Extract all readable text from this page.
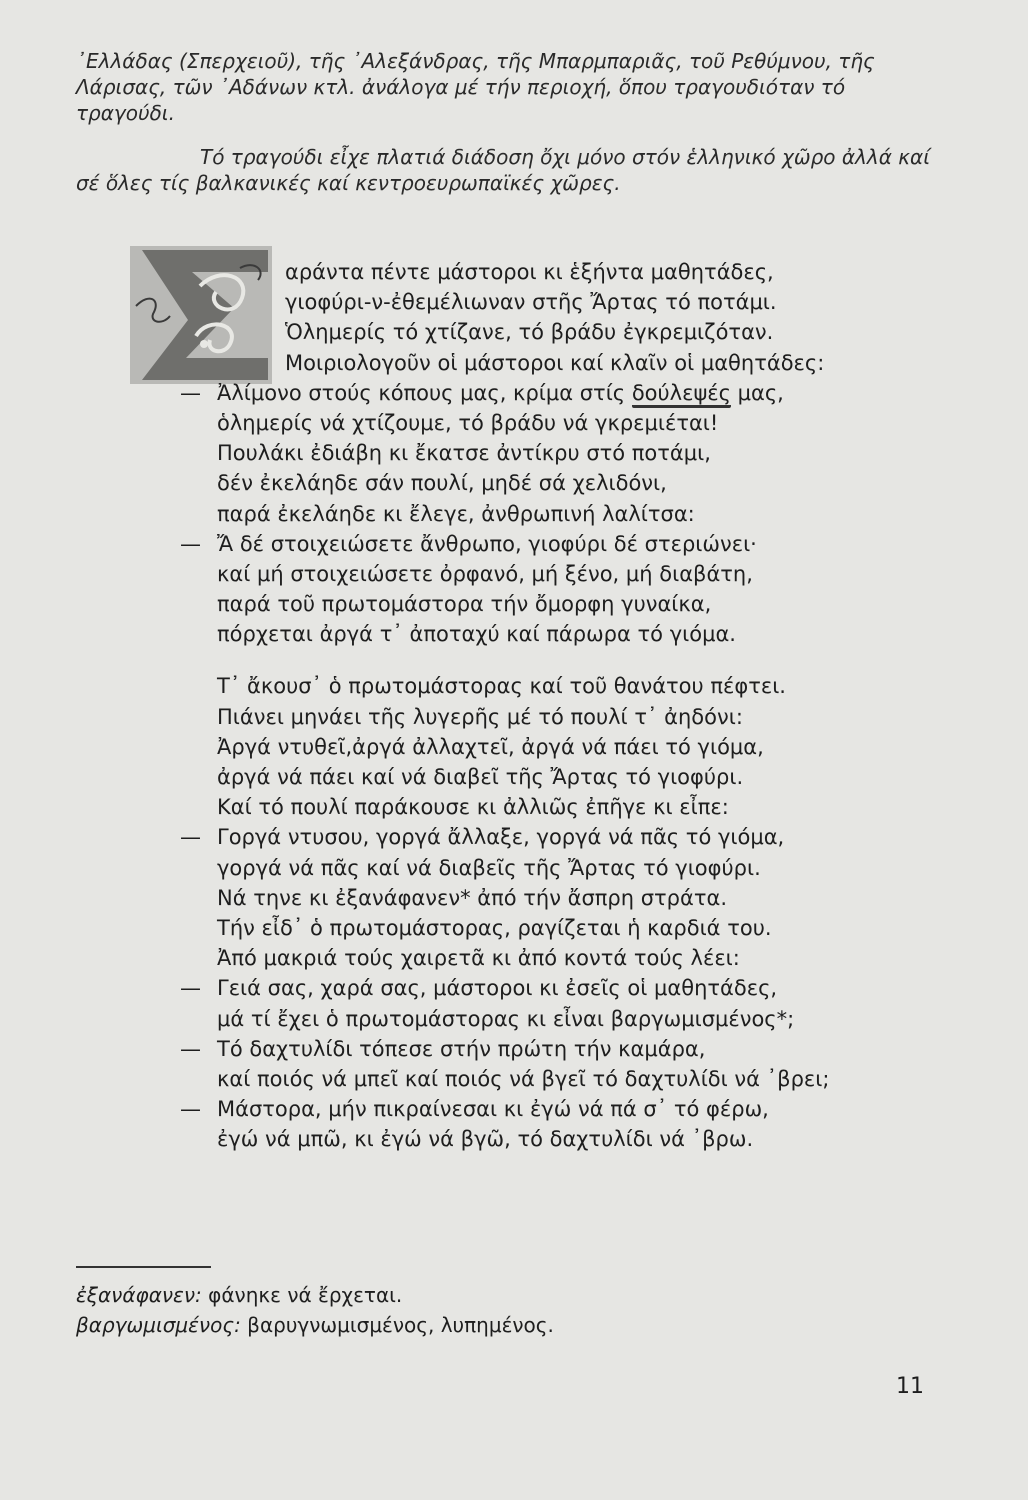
᾿Ελλάδας (Σπερχειοῦ), τῆς ᾿Αλεξάνδρας, τῆς Μπαρμπαριᾶς, τοῦ Ρεθύμνου, τῆς Λάρισας, τῶν ᾿Αδάνων κτλ. ἀνάλογα μέ τήν περιοχή, ὅπου τραγουδιόταν τό τραγούδι.

Τό τραγούδι εἶχε πλατιά διάδοση ὄχι μόνο στόν ἑλληνικό χῶρο ἀλλά καί σέ ὅλες τίς βαλκανικές καί κεντροευρωπαϊκές χῶρες.

αράντα πέντε μάστοροι κι ἑξήντα μαθητάδες,
γιοφύρι-ν-ἐθεμέλιωναν στῆς Ἄρτας τό ποτάμι.
Ὁλημερίς τό χτίζανε, τό βράδυ ἐγκρεμιζόταν.
Μοιριολογοῦν οἱ μάστοροι καί κλαῖν οἱ μαθητάδες:
— Ἀλίμονο στούς κόπους μας, κρίμα στίς δούλεψές μας,
ὁλημερίς νά χτίζουμε, τό βράδυ νά γκρεμιέται!
Πουλάκι ἐδιάβη κι ἔκατσε ἀντίκρυ στό ποτάμι,
δέν ἐκελάηδε σάν πουλί, μηδέ σά χελιδόνι,
παρά ἐκελάηδε κι ἔλεγε, ἀνθρωπινή λαλίτσα:
— Ἄ δέ στοιχειώσετε ἄνθρωπο, γιοφύρι δέ στεριώνει·
καί μή στοιχειώσετε ὀρφανό, μή ξένο, μή διαβάτη,
παρά τοῦ πρωτομάστορα τήν ὄμορφη γυναίκα,
πόρχεται ἀργά τ᾿ ἀποταχύ καί πάρωρα τό γιόμα.
Τ᾿ ἄκουσ᾿ ὁ πρωτομάστορας καί τοῦ θανάτου πέφτει.
Πιάνει μηνάει τῆς λυγερῆς μέ τό πουλί τ᾿ ἀηδόνι:
Ἀργά ντυθεῖ,ἀργά ἀλλαχτεῖ, ἀργά νά πάει τό γιόμα,
ἀργά νά πάει καί νά διαβεῖ τῆς Ἄρτας τό γιοφύρι.
Καί τό πουλί παράκουσε κι ἀλλιῶς ἐπῆγε κι εἶπε:
— Γοργά ντυσου, γοργά ἄλλαξε, γοργά νά πᾶς τό γιόμα,
γοργά νά πᾶς καί νά διαβεῖς τῆς Ἄρτας τό γιοφύρι.
Νά τηνε κι ἐξανάφανεν* ἀπό τήν ἄσπρη στράτα.
Τήν εἶδ᾿ ὁ πρωτομάστορας, ραγίζεται ἡ καρδιά του.
Ἀπό μακριά τούς χαιρετᾶ κι ἀπό κοντά τούς λέει:
— Γειά σας, χαρά σας, μάστοροι κι ἐσεῖς οἱ μαθητάδες,
μά τί ἔχει ὁ πρωτομάστορας κι εἶναι βαργωμισμένος*;
— Τό δαχτυλίδι τόπεσε στήν πρώτη τήν καμάρα,
καί ποιός νά μπεῖ καί ποιός νά βγεῖ τό δαχτυλίδι νά ᾿βρει;
— Μάστορα, μήν πικραίνεσαι κι ἐγώ νά πά σ᾿ τό φέρω,
ἐγώ νά μπῶ, κι ἐγώ νά βγῶ, τό δαχτυλίδι νά ᾿βρω.
ἐξανάφανεν: φάνηκε νά ἔρχεται.
βαργωμισμένος: βαρυγνωμισμένος, λυπημένος.
11
